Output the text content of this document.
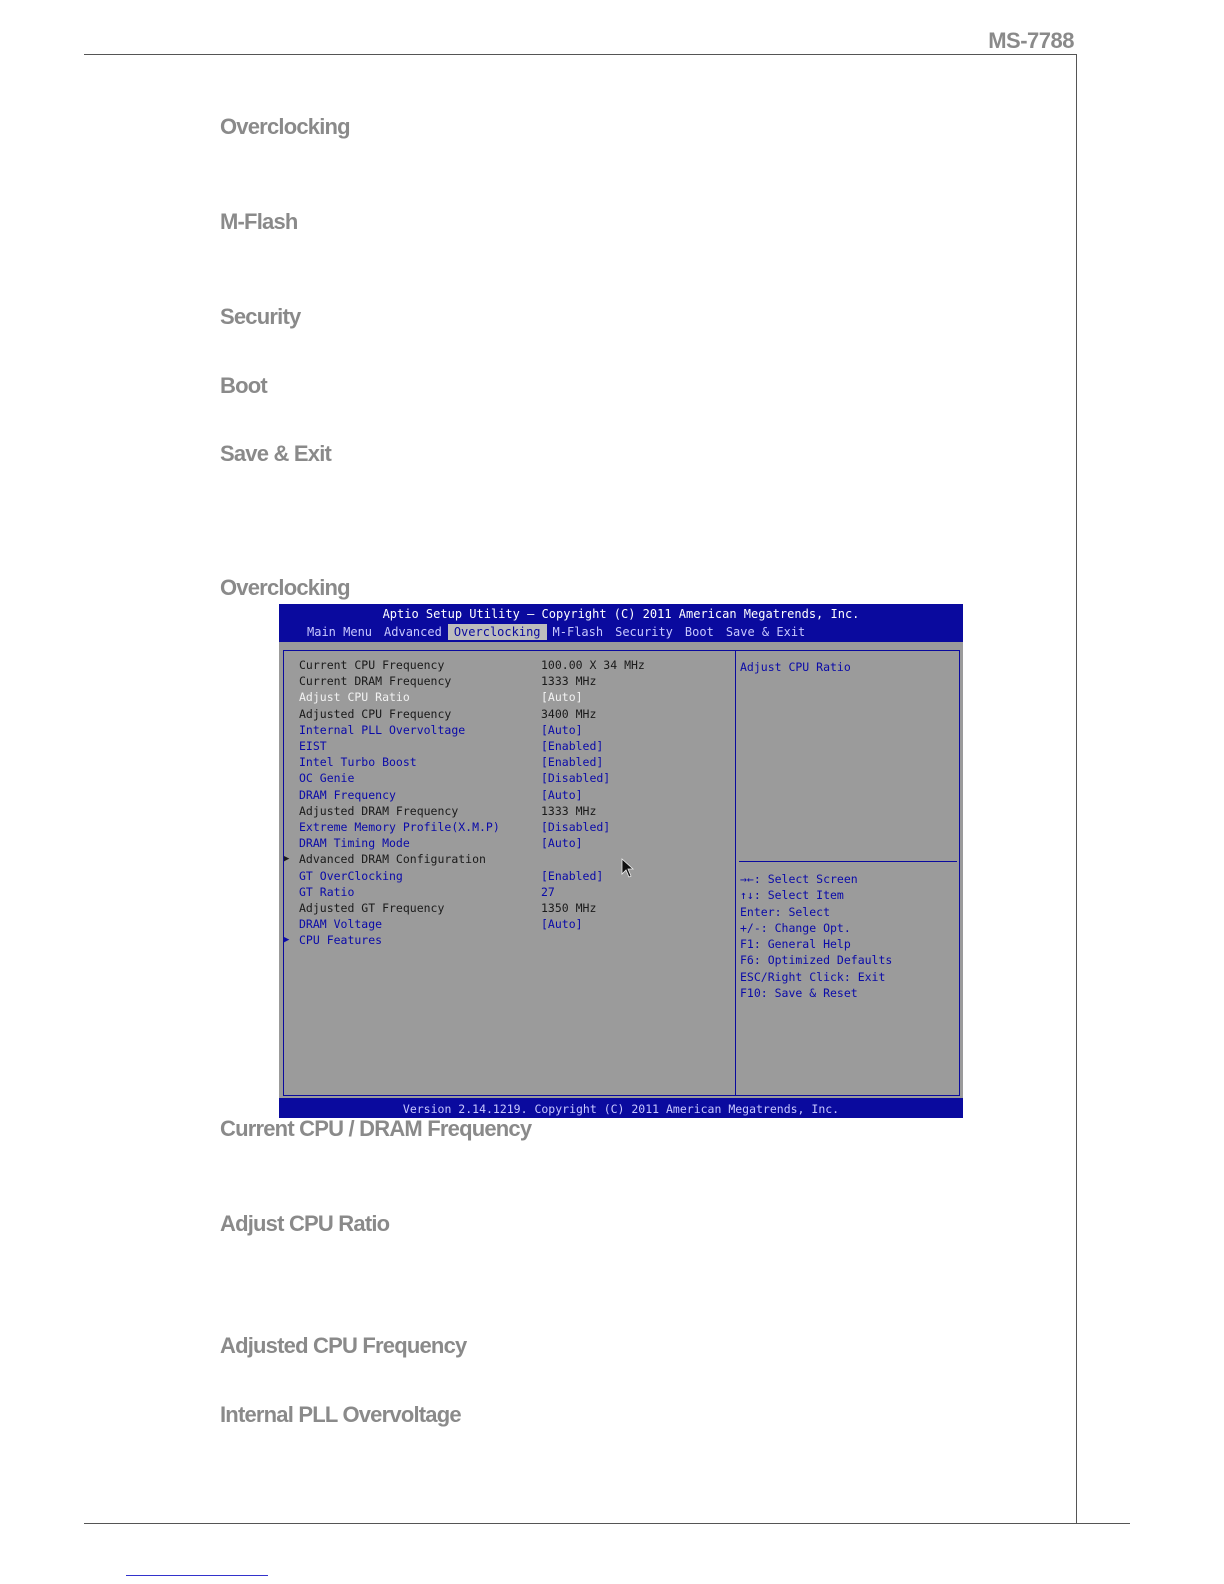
MS-7788
Overclocking
M-Flash
Security
Boot
Save & Exit
Overclocking
Aptio Setup Utility – Copyright (C) 2011 American Megatrends, Inc.
Main Menu	Advanced	Overclocking	M-Flash	Security	Boot	Save & Exit
Current CPU Frequency	100.00 X 34 MHz
Current DRAM Frequency	1333 MHz
Adjust CPU Ratio	[Auto]
Adjusted CPU Frequency	3400 MHz
Internal PLL Overvoltage	[Auto]
EIST	[Enabled]
Intel Turbo Boost	[Enabled]
OC Genie	[Disabled]
DRAM Frequency	[Auto]
Adjusted DRAM Frequency	1333 MHz
Extreme Memory Profile(X.M.P)	[Disabled]
DRAM Timing Mode	[Auto]
▶ Advanced DRAM Configuration
GT OverClocking	[Enabled]
GT Ratio	27
Adjusted GT Frequency	1350 MHz
DRAM Voltage	[Auto]
▶ CPU Features
Adjust CPU Ratio
→←: Select Screen
↑↓: Select Item
Enter: Select
+/-: Change Opt.
F1: General Help
F6: Optimized Defaults
ESC/Right Click: Exit
F10: Save & Reset
Version 2.14.1219. Copyright (C) 2011 American Megatrends, Inc.
Current CPU / DRAM Frequency
Adjust CPU Ratio
Adjusted CPU Frequency
Internal PLL Overvoltage
